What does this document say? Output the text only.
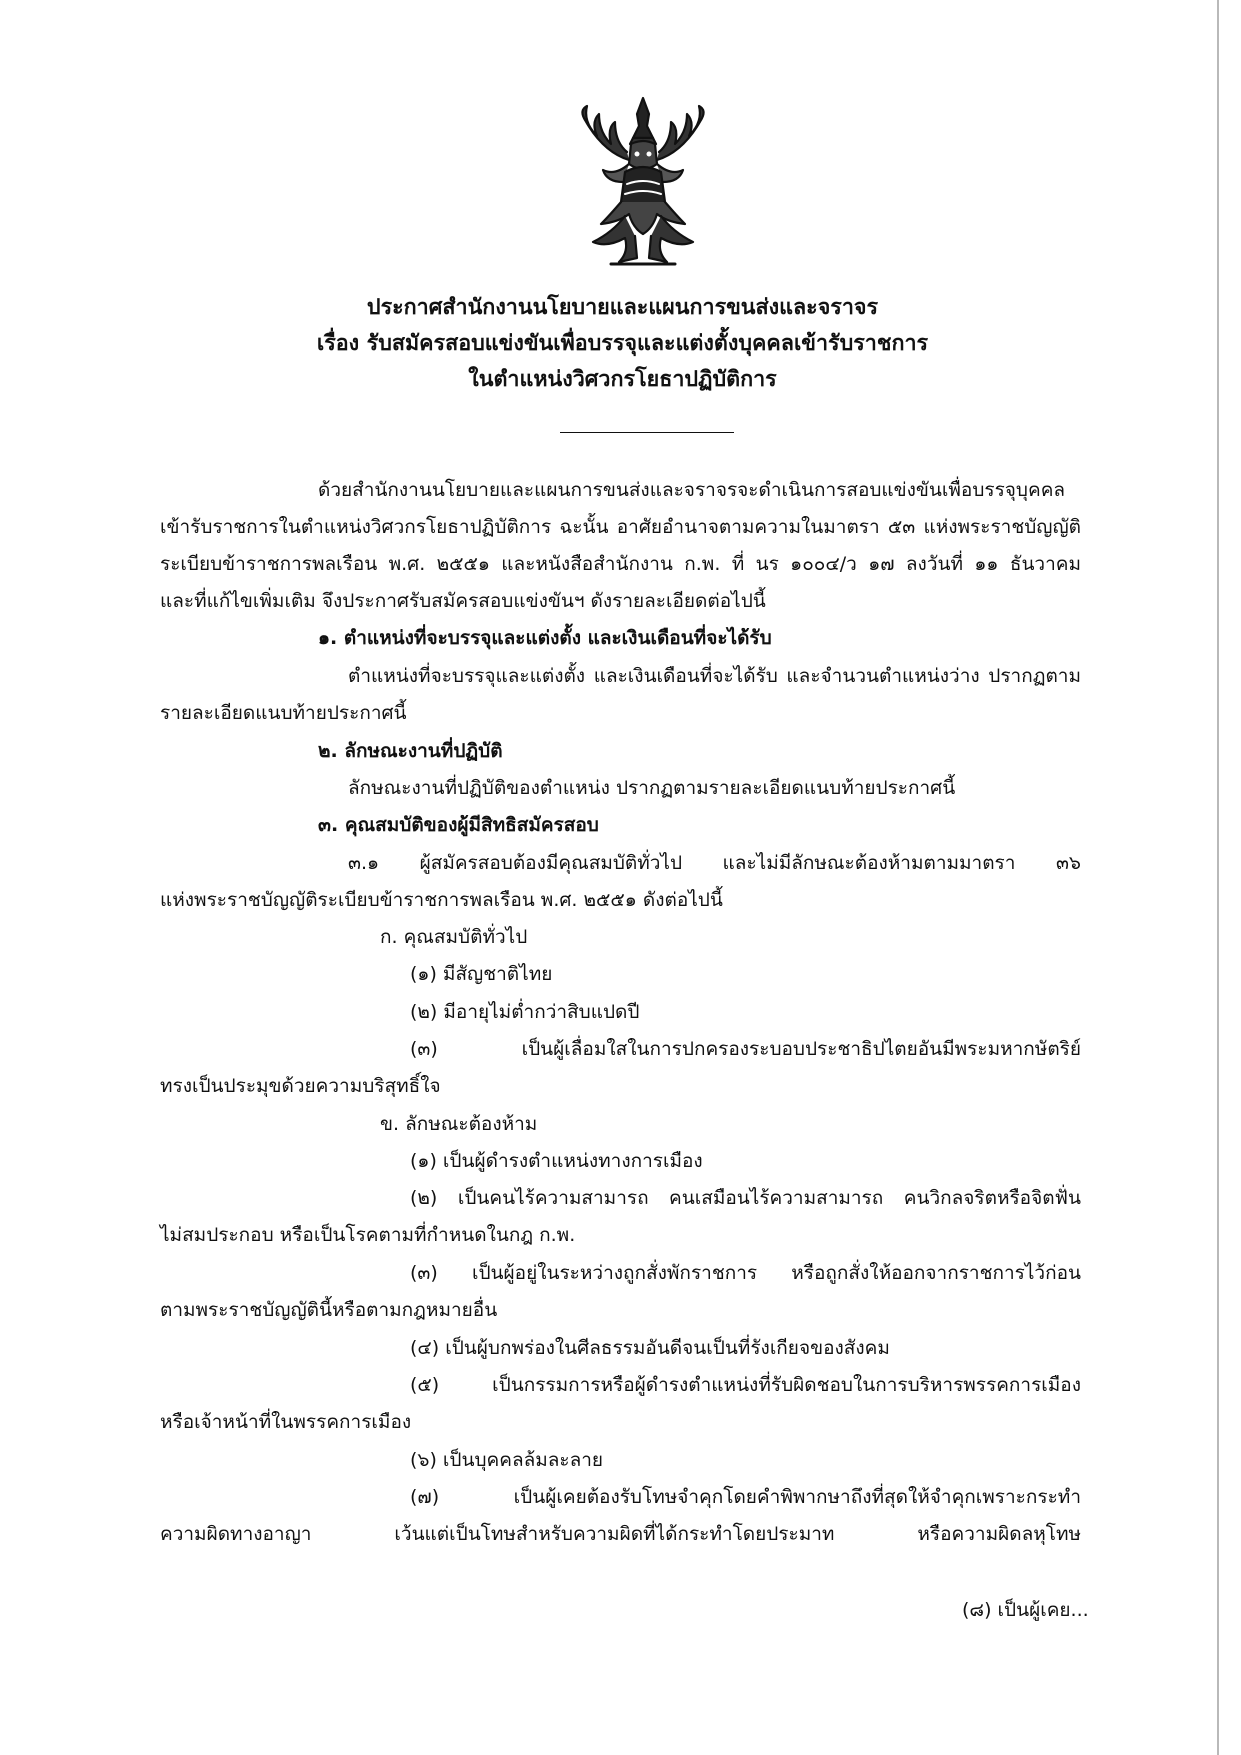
ประกาศสำนักงานนโยบายและแผนการขนส่งและจราจร
เรื่อง รับสมัครสอบแข่งขันเพื่อบรรจุและแต่งตั้งบุคคลเข้ารับราชการ
ในตำแหน่งวิศวกรโยธาปฏิบัติการ
ด้วยสำนักงานนโยบายและแผนการขนส่งและจราจรจะดำเนินการสอบแข่งขันเพื่อบรรจุบุคคล
เข้ารับราชการในตำแหน่งวิศวกรโยธาปฏิบัติการ ฉะนั้น อาศัยอำนาจตามความในมาตรา ๕๓ แห่งพระราชบัญญัติ
ระเบียบข้าราชการพลเรือน พ.ศ. ๒๕๕๑ และหนังสือสำนักงาน ก.พ. ที่ นร ๑๐๐๔/ว ๑๗ ลงวันที่ ๑๑ ธันวาคม
และที่แก้ไขเพิ่มเติม จึงประกาศรับสมัครสอบแข่งขันฯ ดังรายละเอียดต่อไปนี้
๑. ตำแหน่งที่จะบรรจุและแต่งตั้ง และเงินเดือนที่จะได้รับ
ตำแหน่งที่จะบรรจุและแต่งตั้ง และเงินเดือนที่จะได้รับ และจำนวนตำแหน่งว่าง ปรากฏตาม
รายละเอียดแนบท้ายประกาศนี้
๒. ลักษณะงานที่ปฏิบัติ
ลักษณะงานที่ปฏิบัติของตำแหน่ง ปรากฏตามรายละเอียดแนบท้ายประกาศนี้
๓. คุณสมบัติของผู้มีสิทธิสมัครสอบ
๓.๑ ผู้สมัครสอบต้องมีคุณสมบัติทั่วไป และไม่มีลักษณะต้องห้ามตามมาตรา ๓๖
แห่งพระราชบัญญัติระเบียบข้าราชการพลเรือน พ.ศ. ๒๕๕๑ ดังต่อไปนี้
ก. คุณสมบัติทั่วไป
(๑) มีสัญชาติไทย
(๒) มีอายุไม่ต่ำกว่าสิบแปดปี
(๓) เป็นผู้เลื่อมใสในการปกครองระบอบประชาธิปไตยอันมีพระมหากษัตริย์
ทรงเป็นประมุขด้วยความบริสุทธิ์ใจ
ข. ลักษณะต้องห้าม
(๑) เป็นผู้ดำรงตำแหน่งทางการเมือง
(๒) เป็นคนไร้ความสามารถ คนเสมือนไร้ความสามารถ คนวิกลจริตหรือจิตฟั่น
ไม่สมประกอบ หรือเป็นโรคตามที่กำหนดในกฎ ก.พ.
(๓) เป็นผู้อยู่ในระหว่างถูกสั่งพักราชการ หรือถูกสั่งให้ออกจากราชการไว้ก่อน
ตามพระราชบัญญัตินี้หรือตามกฎหมายอื่น
(๔) เป็นผู้บกพร่องในศีลธรรมอันดีจนเป็นที่รังเกียจของสังคม
(๕) เป็นกรรมการหรือผู้ดำรงตำแหน่งที่รับผิดชอบในการบริหารพรรคการเมือง
หรือเจ้าหน้าที่ในพรรคการเมือง
(๖) เป็นบุคคลล้มละลาย
(๗) เป็นผู้เคยต้องรับโทษจำคุกโดยคำพิพากษาถึงที่สุดให้จำคุกเพราะกระทำ
ความผิดทางอาญา เว้นแต่เป็นโทษสำหรับความผิดที่ได้กระทำโดยประมาท หรือความผิดลหุโทษ
(๘) เป็นผู้เคย...
